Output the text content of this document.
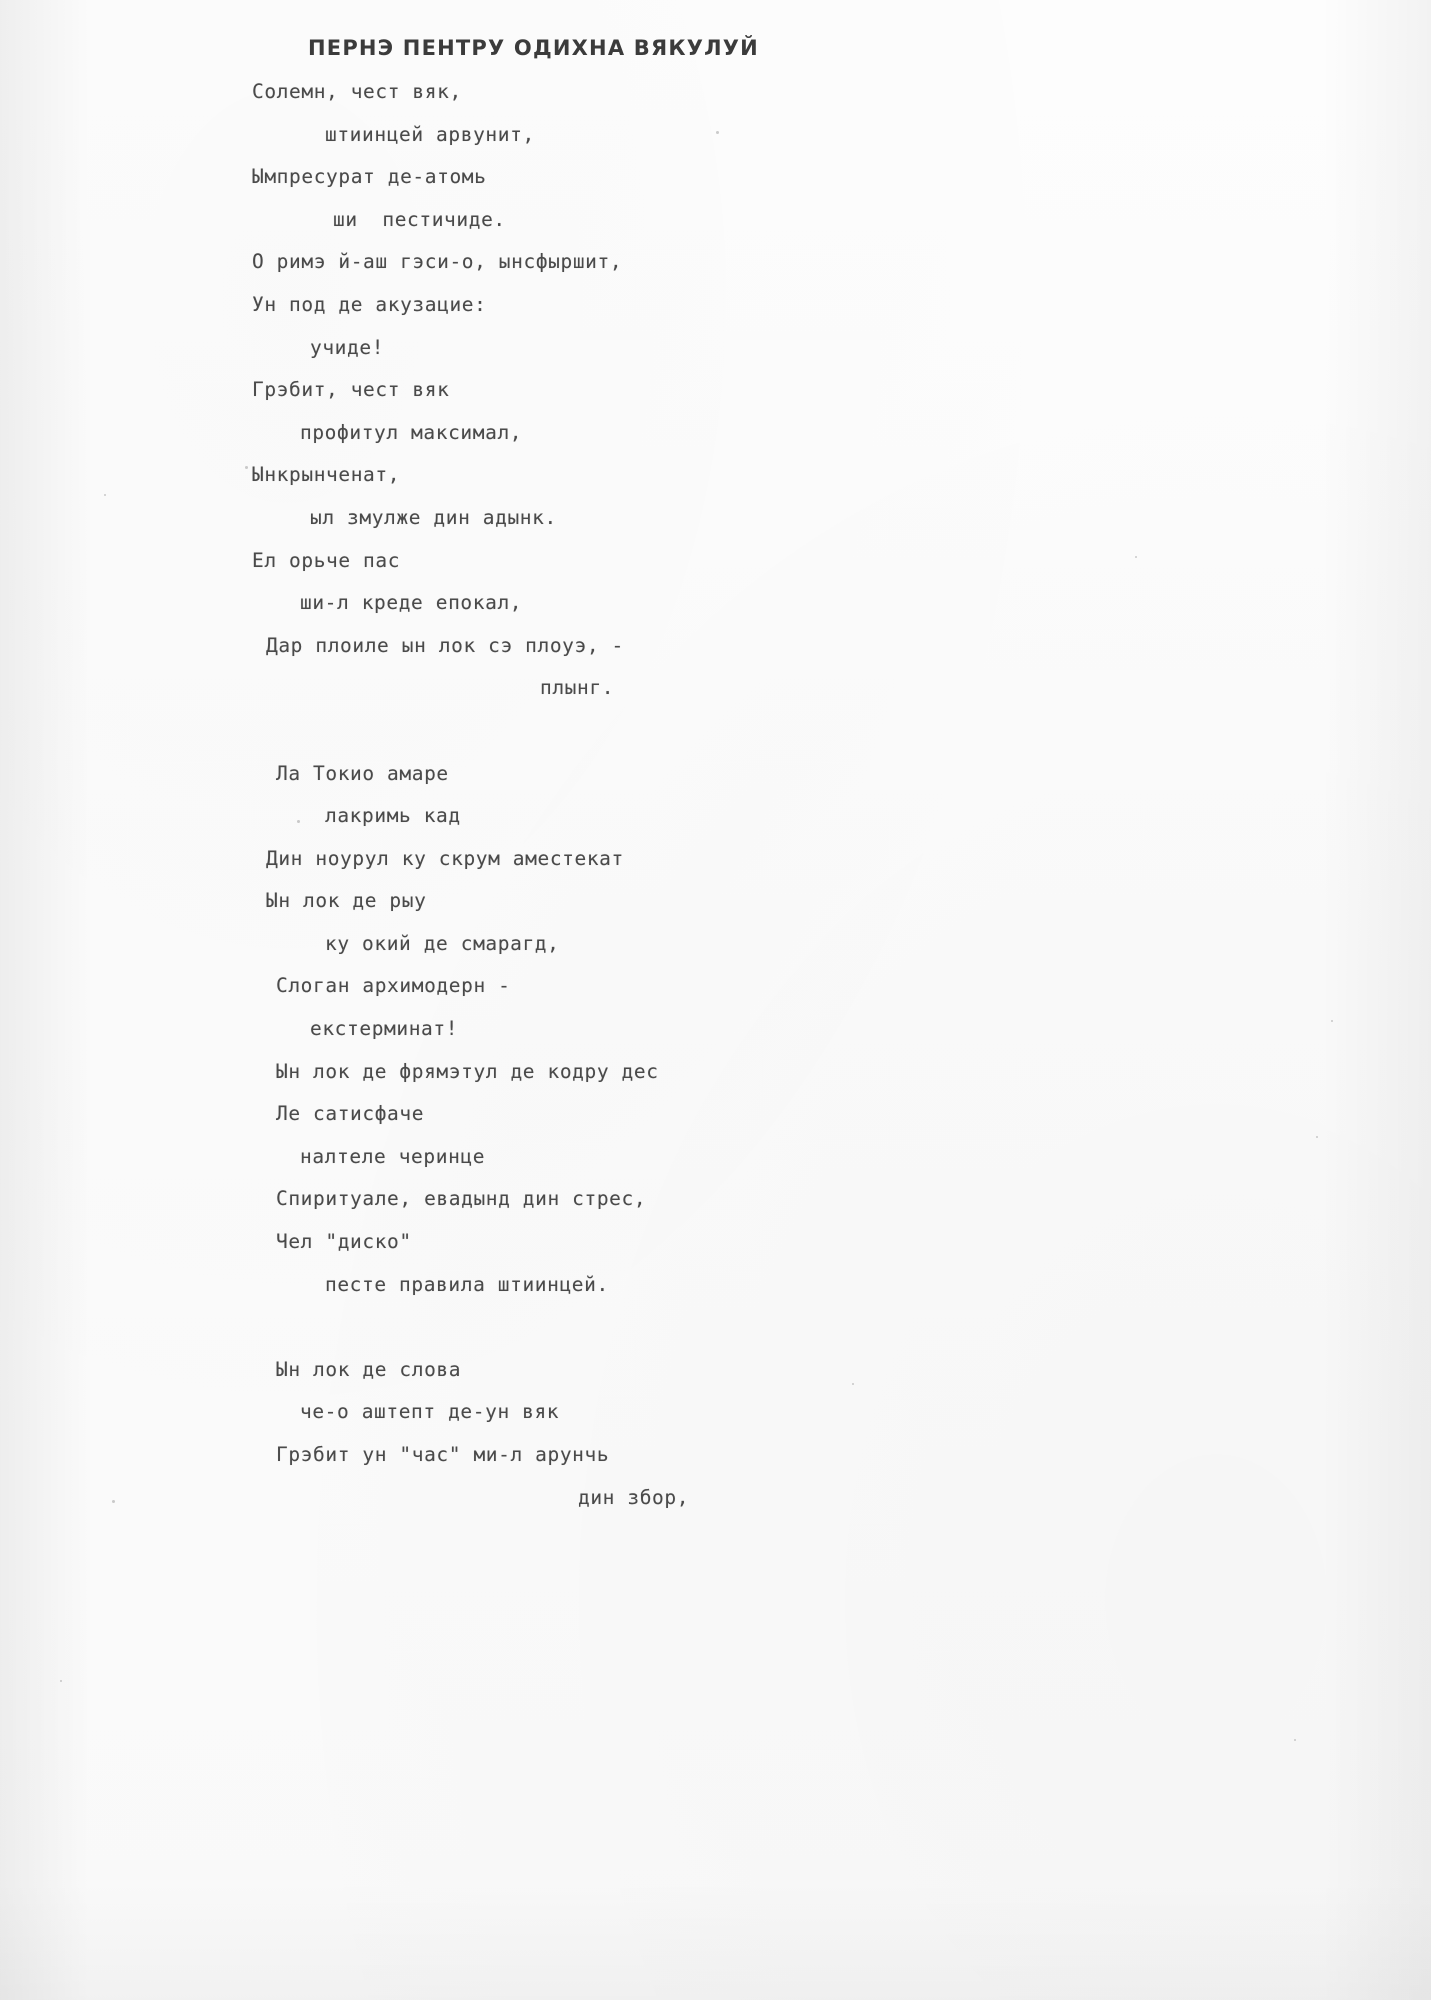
ПЕРНЭ ПЕНТРУ ОДИХНА ВЯКУЛУЙ
Солемн, чест вяк,
штиинцей арвунит,
Ымпресурат де-атомь
ши  пестичиде.
О римэ й-аш гэси-о, ынсфыршит,
Ун под де акузацие:
учиде!
Грэбит, чест вяк
профитул максимал,
Ынкрынченат,
ыл змулже дин адынк.
Ел орьче пас
ши-л креде епокал,
Дар плоиле ын лок сэ плоуэ, -
плынг.
Ла Токио амаре
лакримь кад
Дин ноурул ку скрум аместекат
Ын лок де рыу
ку окий де смарагд,
Слоган архимодерн -
екстерминат!
Ын лок де фрямэтул де кодру дес
Ле сатисфаче
налтеле черинце
Спиритуале, евадынд дин стрес,
Чел "диско"
песте правила штиинцей.
Ын лок де слова
че-о аштепт де-ун вяк
Грэбит ун "час" ми-л арунчь
дин збор,
